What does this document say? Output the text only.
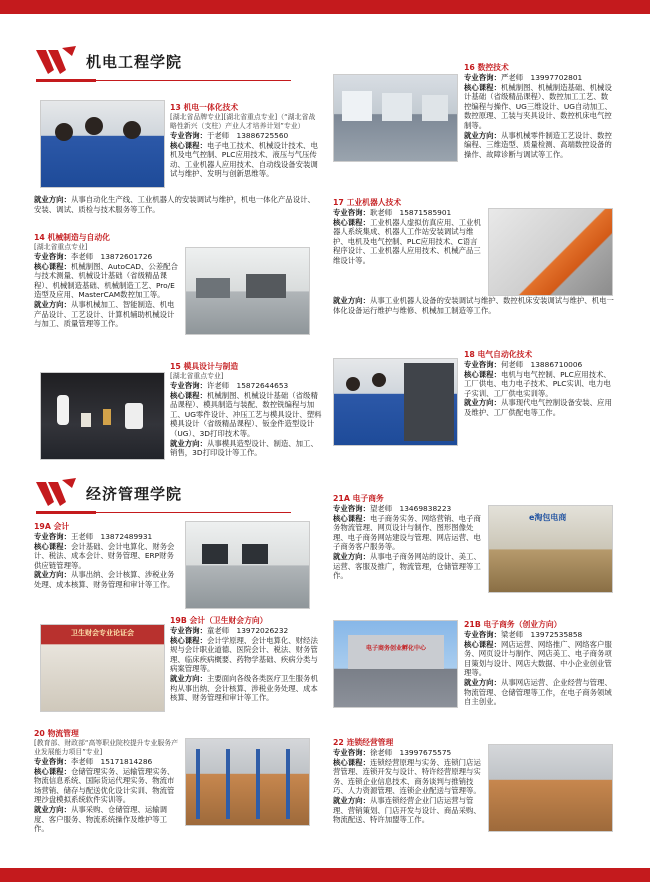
机电工程学院
经济管理学院
卫生财会专业论证会
e淘包电商
电子商务创业孵化中心
13 机电一体化技术
[湖北省品牌专业][湖北省重点专业]（“湖北省战略性新兴（支柱）产业人才培养计划”专业）
专业咨询：于老师　13886725560
核心课程：电子电工技术、机械设计技术、电机及电气控制、PLC应用技术、液压与气压传动、工业机器人应用技术、自动线设备安装调试与维护、发明与创新思维等。
就业方向：从事自动化生产线、工业机器人的安装调试与维护，机电一体化产品设计、安装、调试、质检与技术服务等工作。
14 机械制造与自动化
[湖北省重点专业]
专业咨询：李老师　13872601726
核心课程：机械制图、AutoCAD、公差配合与技术测量、机械设计基础（省级精品课程）、机械制造基础、机械制造工艺、Pro/E造型及应用、MasterCAM数控加工等。
就业方向：从事机械加工、智能制造、机电产品设计、工艺设计、计算机辅助机械设计与加工、质量管理等工作。
15 模具设计与制造
[湖北省重点专业]
专业咨询：许老师　15872644653
核心课程：机械制图、机械设计基础（省级精品课程）、模具制造与装配、数控铣编程与加工、UG零件设计、冲压工艺与模具设计、塑料模具设计（省级精品课程）、钣金件造型设计（UG）、3D打印技术等。
就业方向：从事模具造型设计、制造、加工、销售，3D打印设计等工作。
16 数控技术
专业咨询：严老师　13997702801
核心课程：机械制图、机械制造基础、机械设计基础（省级精品课程）、数控加工工艺、数控编程与操作、UG三维设计、UG自动加工、数控原理、工装与夹具设计、数控机床电气控制等。
就业方向：从事机械零件制造工艺设计、数控编程、三维造型、质量检测、高端数控设备的操作、故障诊断与调试等工作。
17 工业机器人技术
专业咨询：耿老师　15871585901
核心课程：工业机器人虚拟仿真应用、工业机器人系统集成、机器人工作站安装调试与维护、电机及电气控制、PLC应用技术、C语言程序设计、工业机器人应用技术、机械产品三维设计等。
就业方向：从事工业机器人设备的安装调试与维护、数控机床安装调试与维护、机电一体化设备运行维护与维修、机械加工制造等工作。
18 电气自动化技术
专业咨询：何老师　13886710006
核心课程：电机与电气控制、PLC应用技术、工厂供电、电力电子技术、PLC实训、电力电子实训、工厂供电实训等。
就业方向：从事现代电气控制设备安装、应用及维护、工厂供配电等工作。
19A 会计
专业咨询：王老师　13872489931
核心课程：会计基础、会计电算化、财务会计、税法、成本会计、财务管理、ERP财务供应链管理等。
就业方向：从事出纳、会计核算、涉税业务处理、成本核算、财务管理和审计等工作。
19B 会计（卫生财会方向）
专业咨询：童老师　13972026232
核心课程：会计学原理、会计电算化、财经法规与会计职业道德、医院会计、税法、财务管理、临床疾病概要、药物学基础、疾病分类与病案管理等。
就业方向：主要面向各级各类医疗卫生服务机构从事出纳、会计核算、涉税业务处理、成本核算、财务管理和审计等工作。
20 物流管理
[教育部、财政部“高等职业院校提升专业服务产业发展能力项目”专业]
专业咨询：李老师　15171814286
核心课程：仓储管理实务、运输管理实务、物流信息系统、国际货运代理实务、物流市场营销、储存与配送优化设计实训、物流管理沙盘模拟系统软件实训等。
就业方向：从事采购、仓储管理、运输调度、客户服务、物流系统操作及维护等工作。
21A 电子商务
专业咨询：望老师　13469838223
核心课程：电子商务实务、网络营销、电子商务物流管理、网页设计与制作、图形图像处理、电子商务网站建设与管理、网店运营、电子商务客户服务等。
就业方向：从事电子商务网站的设计、美工、运营、客服及推广，物流管理，仓储管理等工作。
21B 电子商务（创业方向）
专业咨询：梁老师　13972535858
核心课程：网店运营、网络推广、网络客户服务、网页设计与制作、网店美工、电子商务项目策划与设计、网店大数据、中小企业创业管理等。
就业方向：从事网店运营、企业经营与管理、物流管理、仓储管理等工作，在电子商务领域自主创业。
22 连锁经营管理
专业咨询：徐老师　13997675575
核心课程：连锁经营原理与实务、连锁门店运营管理、连锁开发与设计、特许经营原理与实务、连锁企业信息技术、商务谈判与推销技巧、人力资源管理、连锁企业配送与管理等。
就业方向：从事连锁经营企业门店运营与管理、营销策划、门店开发与设计、商品采购、物流配送、特许加盟等工作。
